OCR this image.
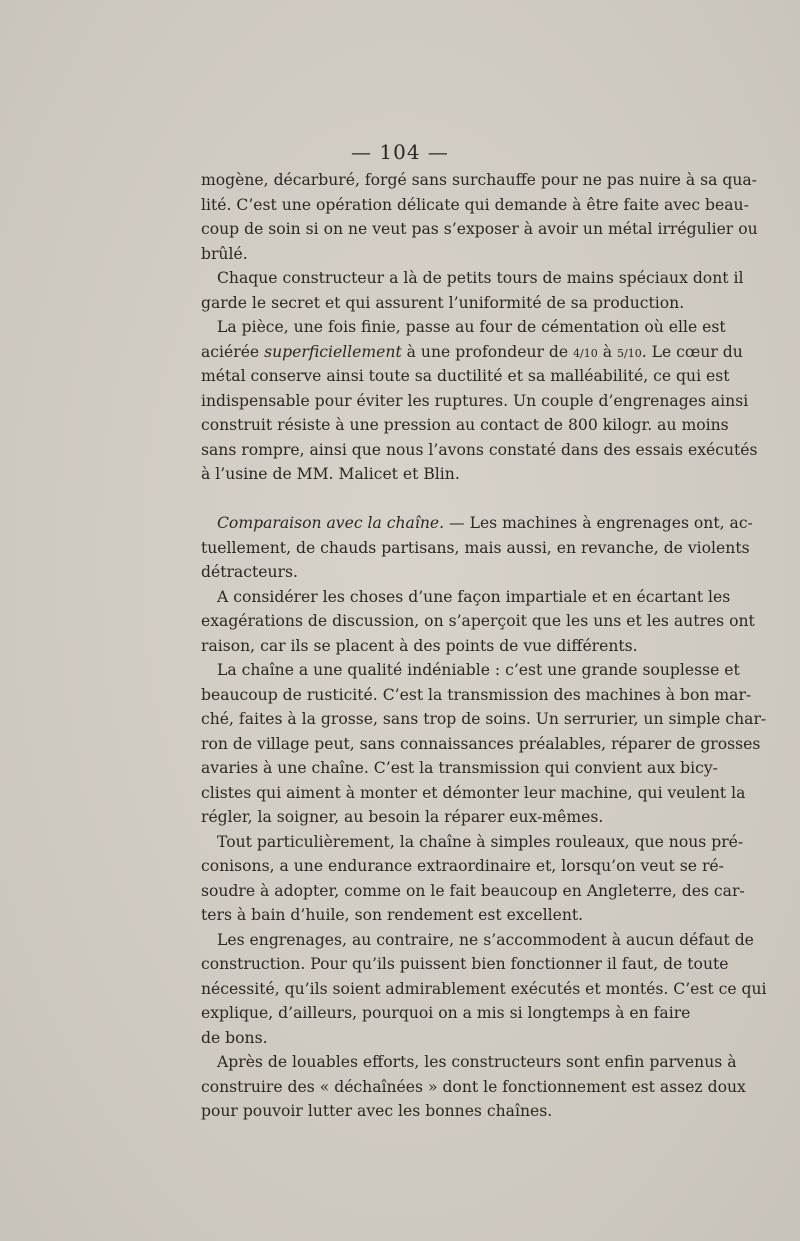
— 104 —
mogène, décarburé, forgé sans surchauffe pour ne pas nuire à sa qua-
lité. C’est une opération délicate qui demande à être faite avec beau-
coup de soin si on ne veut pas s’exposer à avoir un métal irrégulier ou
brûlé.
Chaque constructeur a là de petits tours de mains spéciaux dont il
garde le secret et qui assurent l’uniformité de sa production.
La pièce, une fois finie, passe au four de cémentation où elle est
aciérée superficiellement à une profondeur de 4/10 à 5/10. Le cœur du
métal conserve ainsi toute sa ductilité et sa malléabilité, ce qui est
indispensable pour éviter les ruptures. Un couple d’engrenages ainsi
construit résiste à une pression au contact de 800 kilogr. au moins
sans rompre, ainsi que nous l’avons constaté dans des essais exécutés
à l’usine de MM. Malicet et Blin.
Comparaison avec la chaîne. — Les machines à engrenages ont, ac-
tuellement, de chauds partisans, mais aussi, en revanche, de violents
détracteurs.
A considérer les choses d’une façon impartiale et en écartant les
exagérations de discussion, on s’aperçoit que les uns et les autres ont
raison, car ils se placent à des points de vue différents.
La chaîne a une qualité indéniable : c’est une grande souplesse et
beaucoup de rusticité. C’est la transmission des machines à bon mar-
ché, faites à la grosse, sans trop de soins. Un serrurier, un simple char-
ron de village peut, sans connaissances préalables, réparer de grosses
avaries à une chaîne. C’est la transmission qui convient aux bicy-
clistes qui aiment à monter et démonter leur machine, qui veulent la
régler, la soigner, au besoin la réparer eux-mêmes.
Tout particulièrement, la chaîne à simples rouleaux, que nous pré-
conisons, a une endurance extraordinaire et, lorsqu’on veut se ré-
soudre à adopter, comme on le fait beaucoup en Angleterre, des car-
ters à bain d’huile, son rendement est excellent.
Les engrenages, au contraire, ne s’accommodent à aucun défaut de
construction. Pour qu’ils puissent bien fonctionner il faut, de toute
nécessité, qu’ils soient admirablement exécutés et montés. C’est ce qui
explique, d’ailleurs, pourquoi on a mis si longtemps à en faire
de bons.
Après de louables efforts, les constructeurs sont enfin parvenus à
construire des « déchaînées » dont le fonctionnement est assez doux
pour pouvoir lutter avec les bonnes chaînes.
